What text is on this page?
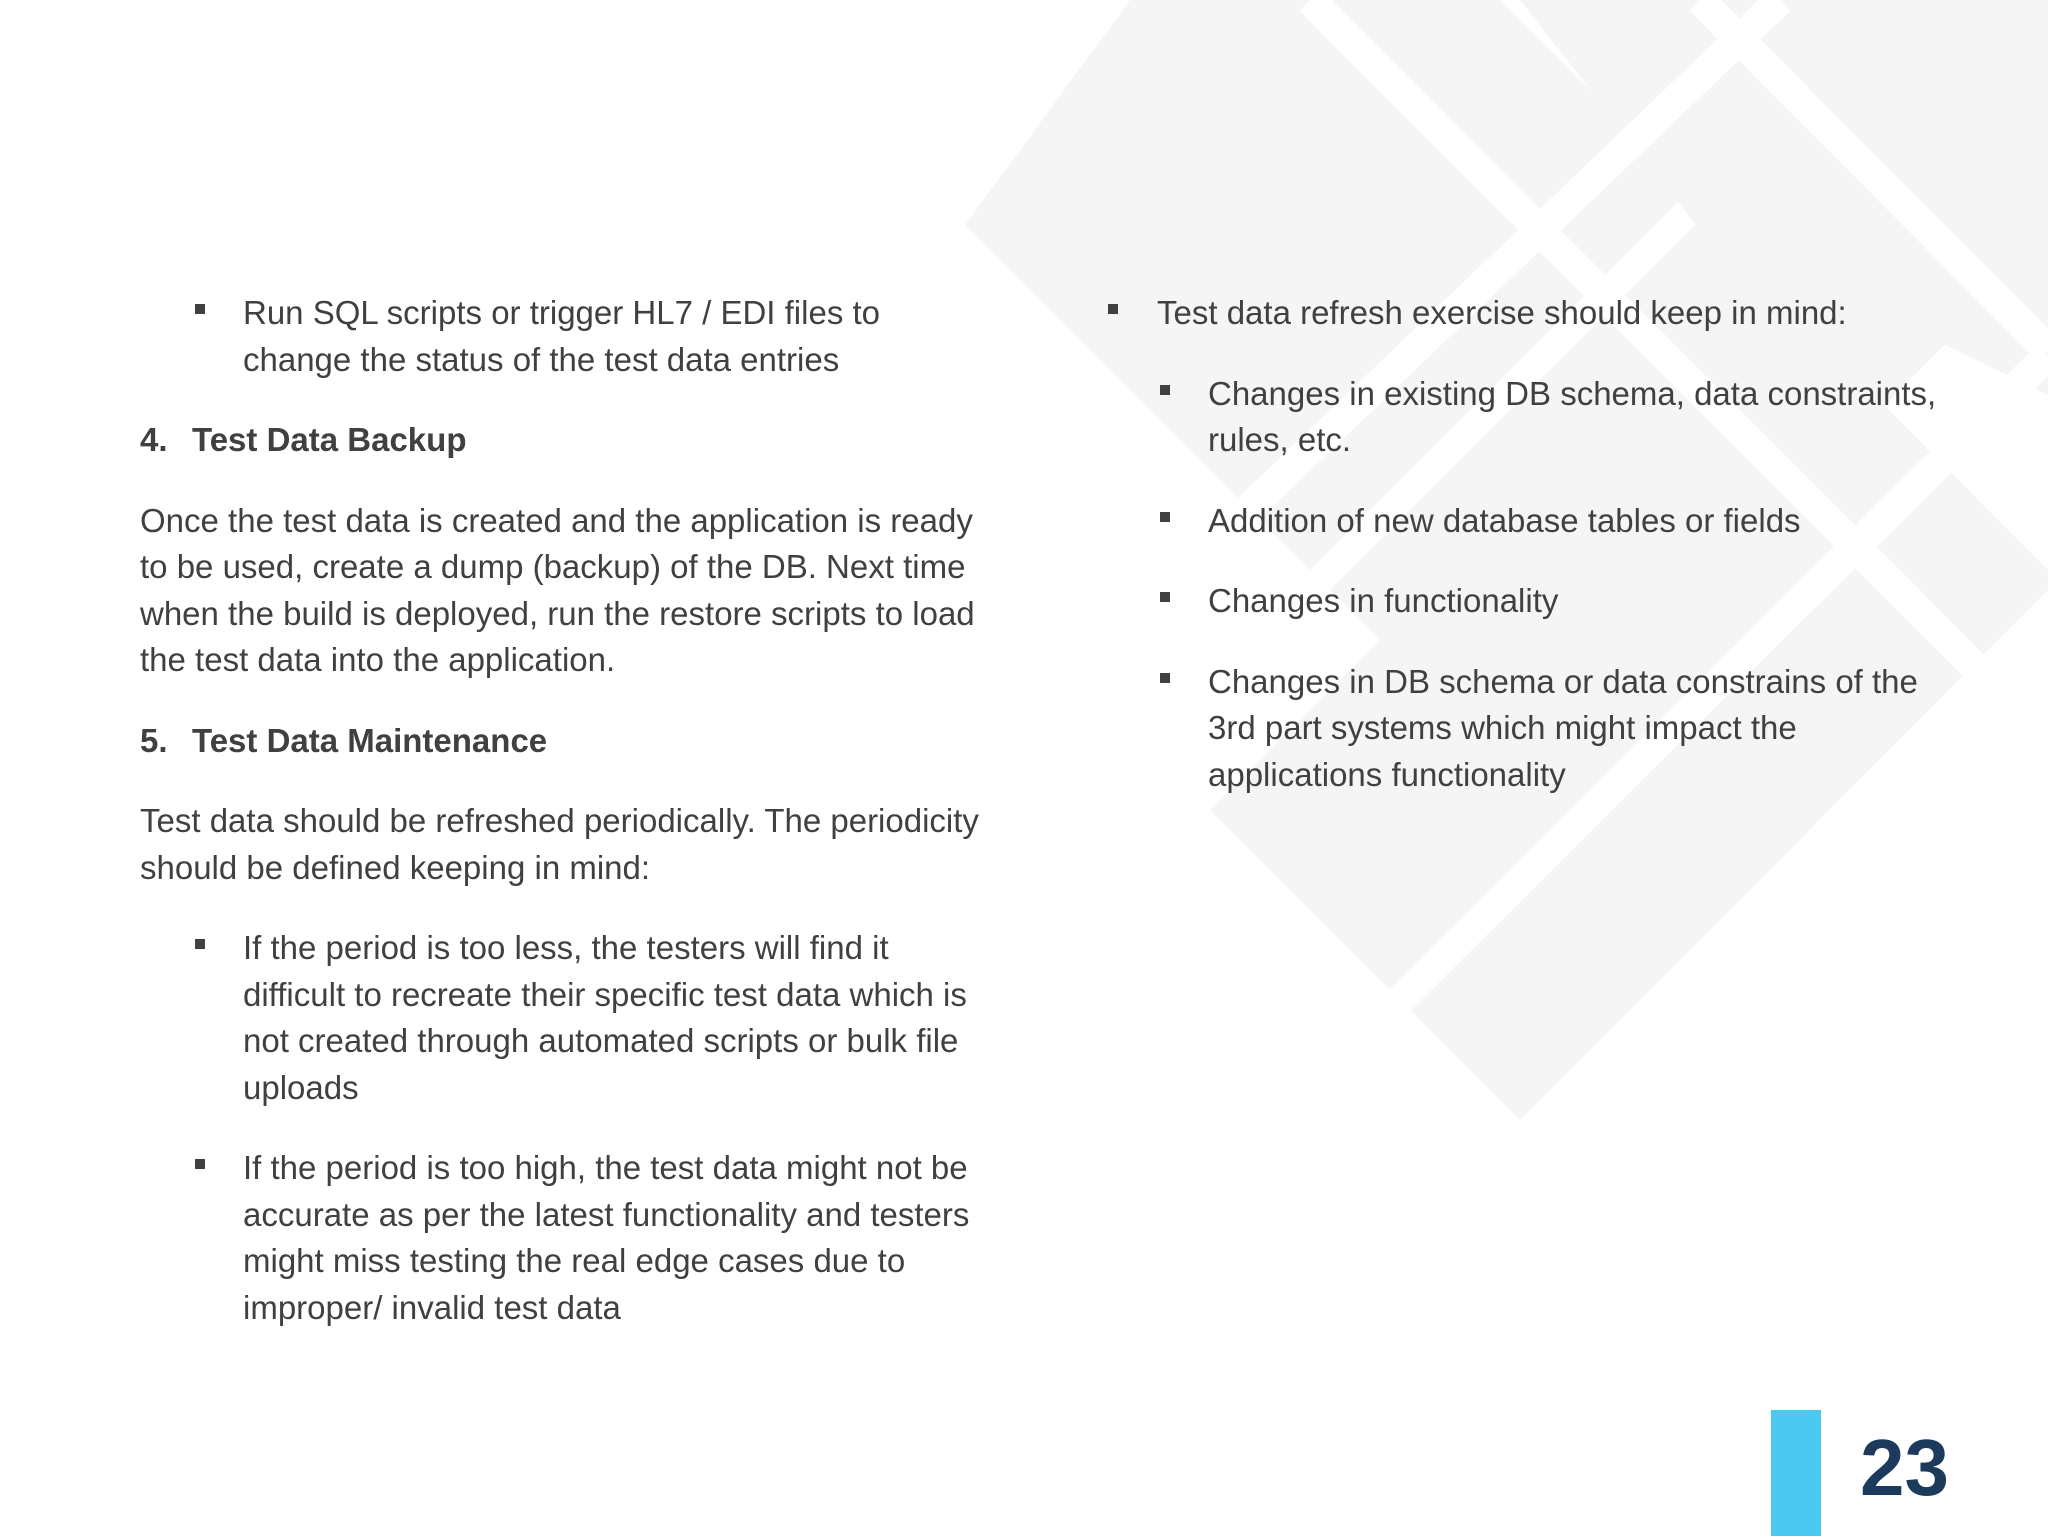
Run SQL scripts or trigger HL7 / EDI files to change the status of the test data entries

4. Test Data Backup

Once the test data is created and the application is ready to be used, create a dump (backup) of the DB. Next time when the build is deployed, run the restore scripts to load the test data into the application.

5. Test Data Maintenance

Test data should be refreshed periodically. The periodicity should be defined keeping in mind:

If the period is too less, the testers will find it difficult to recreate their specific test data which is not created through automated scripts or bulk file uploads

If the period is too high, the test data might not be accurate as per the latest functionality and testers might miss testing the real edge cases due to improper/ invalid test data

Test data refresh exercise should keep in mind:

Changes in existing DB schema, data constraints, rules, etc.

Addition of new database tables or fields

Changes in functionality

Changes in DB schema or data constrains of the 3rd part systems which might impact the applications functionality

23
